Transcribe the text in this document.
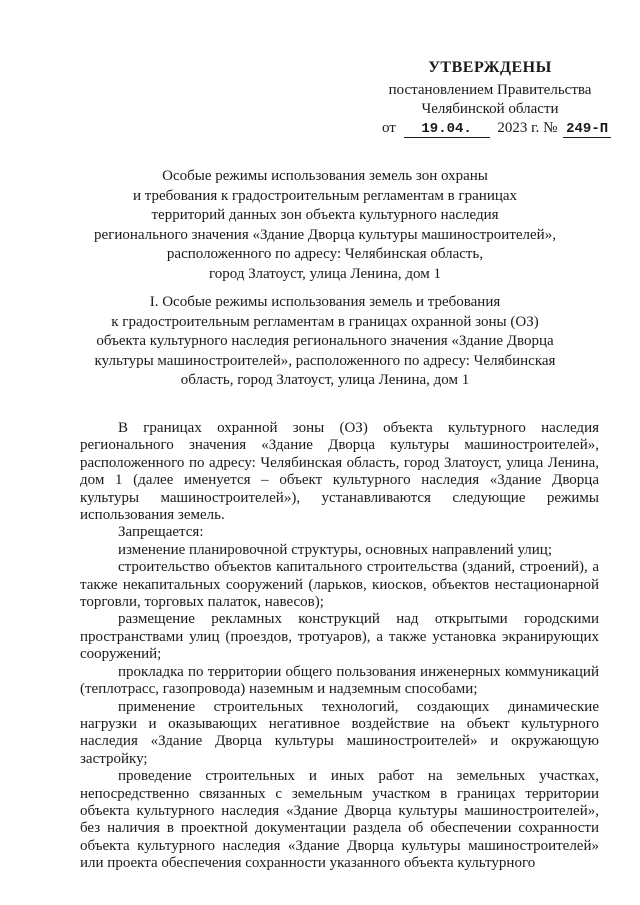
УТВЕРЖДЕНЫ
постановлением Правительства
Челябинской области
от 19.04. 2023 г. № 249-П
Особые режимы использования земель зон охраны
и требования к градостроительным регламентам в границах
территорий данных зон объекта культурного наследия
регионального значения «Здание Дворца культуры машиностроителей»,
расположенного по адресу: Челябинская область,
город Златоуст, улица Ленина, дом 1
I. Особые режимы использования земель и требования
к градостроительным регламентам в границах охранной зоны (ОЗ)
объекта культурного наследия регионального значения «Здание Дворца
культуры машиностроителей», расположенного по адресу: Челябинская
область, город Златоуст, улица Ленина, дом 1

В границах охранной зоны (ОЗ) объекта культурного наследия регионального значения «Здание Дворца культуры машиностроителей», расположенного по адресу: Челябинская область, город Златоуст, улица Ленина, дом 1 (далее именуется – объект культурного наследия «Здание Дворца культуры машиностроителей»), устанавливаются следующие режимы использования земель.

Запрещается:

изменение планировочной структуры, основных направлений улиц;

строительство объектов капитального строительства (зданий, строений), а также некапитальных сооружений (ларьков, киосков, объектов нестационарной торговли, торговых палаток, навесов);

размещение рекламных конструкций над открытыми городскими пространствами улиц (проездов, тротуаров), а также установка экранирующих сооружений;

прокладка по территории общего пользования инженерных коммуникаций (теплотрасс, газопровода) наземным и надземным способами;

применение строительных технологий, создающих динамические нагрузки и оказывающих негативное воздействие на объект культурного наследия «Здание Дворца культуры машиностроителей» и окружающую застройку;

проведение строительных и иных работ на земельных участках, непосредственно связанных с земельным участком в границах территории объекта культурного наследия «Здание Дворца культуры машиностроителей», без наличия в проектной документации раздела об обеспечении сохранности объекта культурного наследия «Здание Дворца культуры машиностроителей» или проекта обеспечения сохранности указанного объекта культурного
